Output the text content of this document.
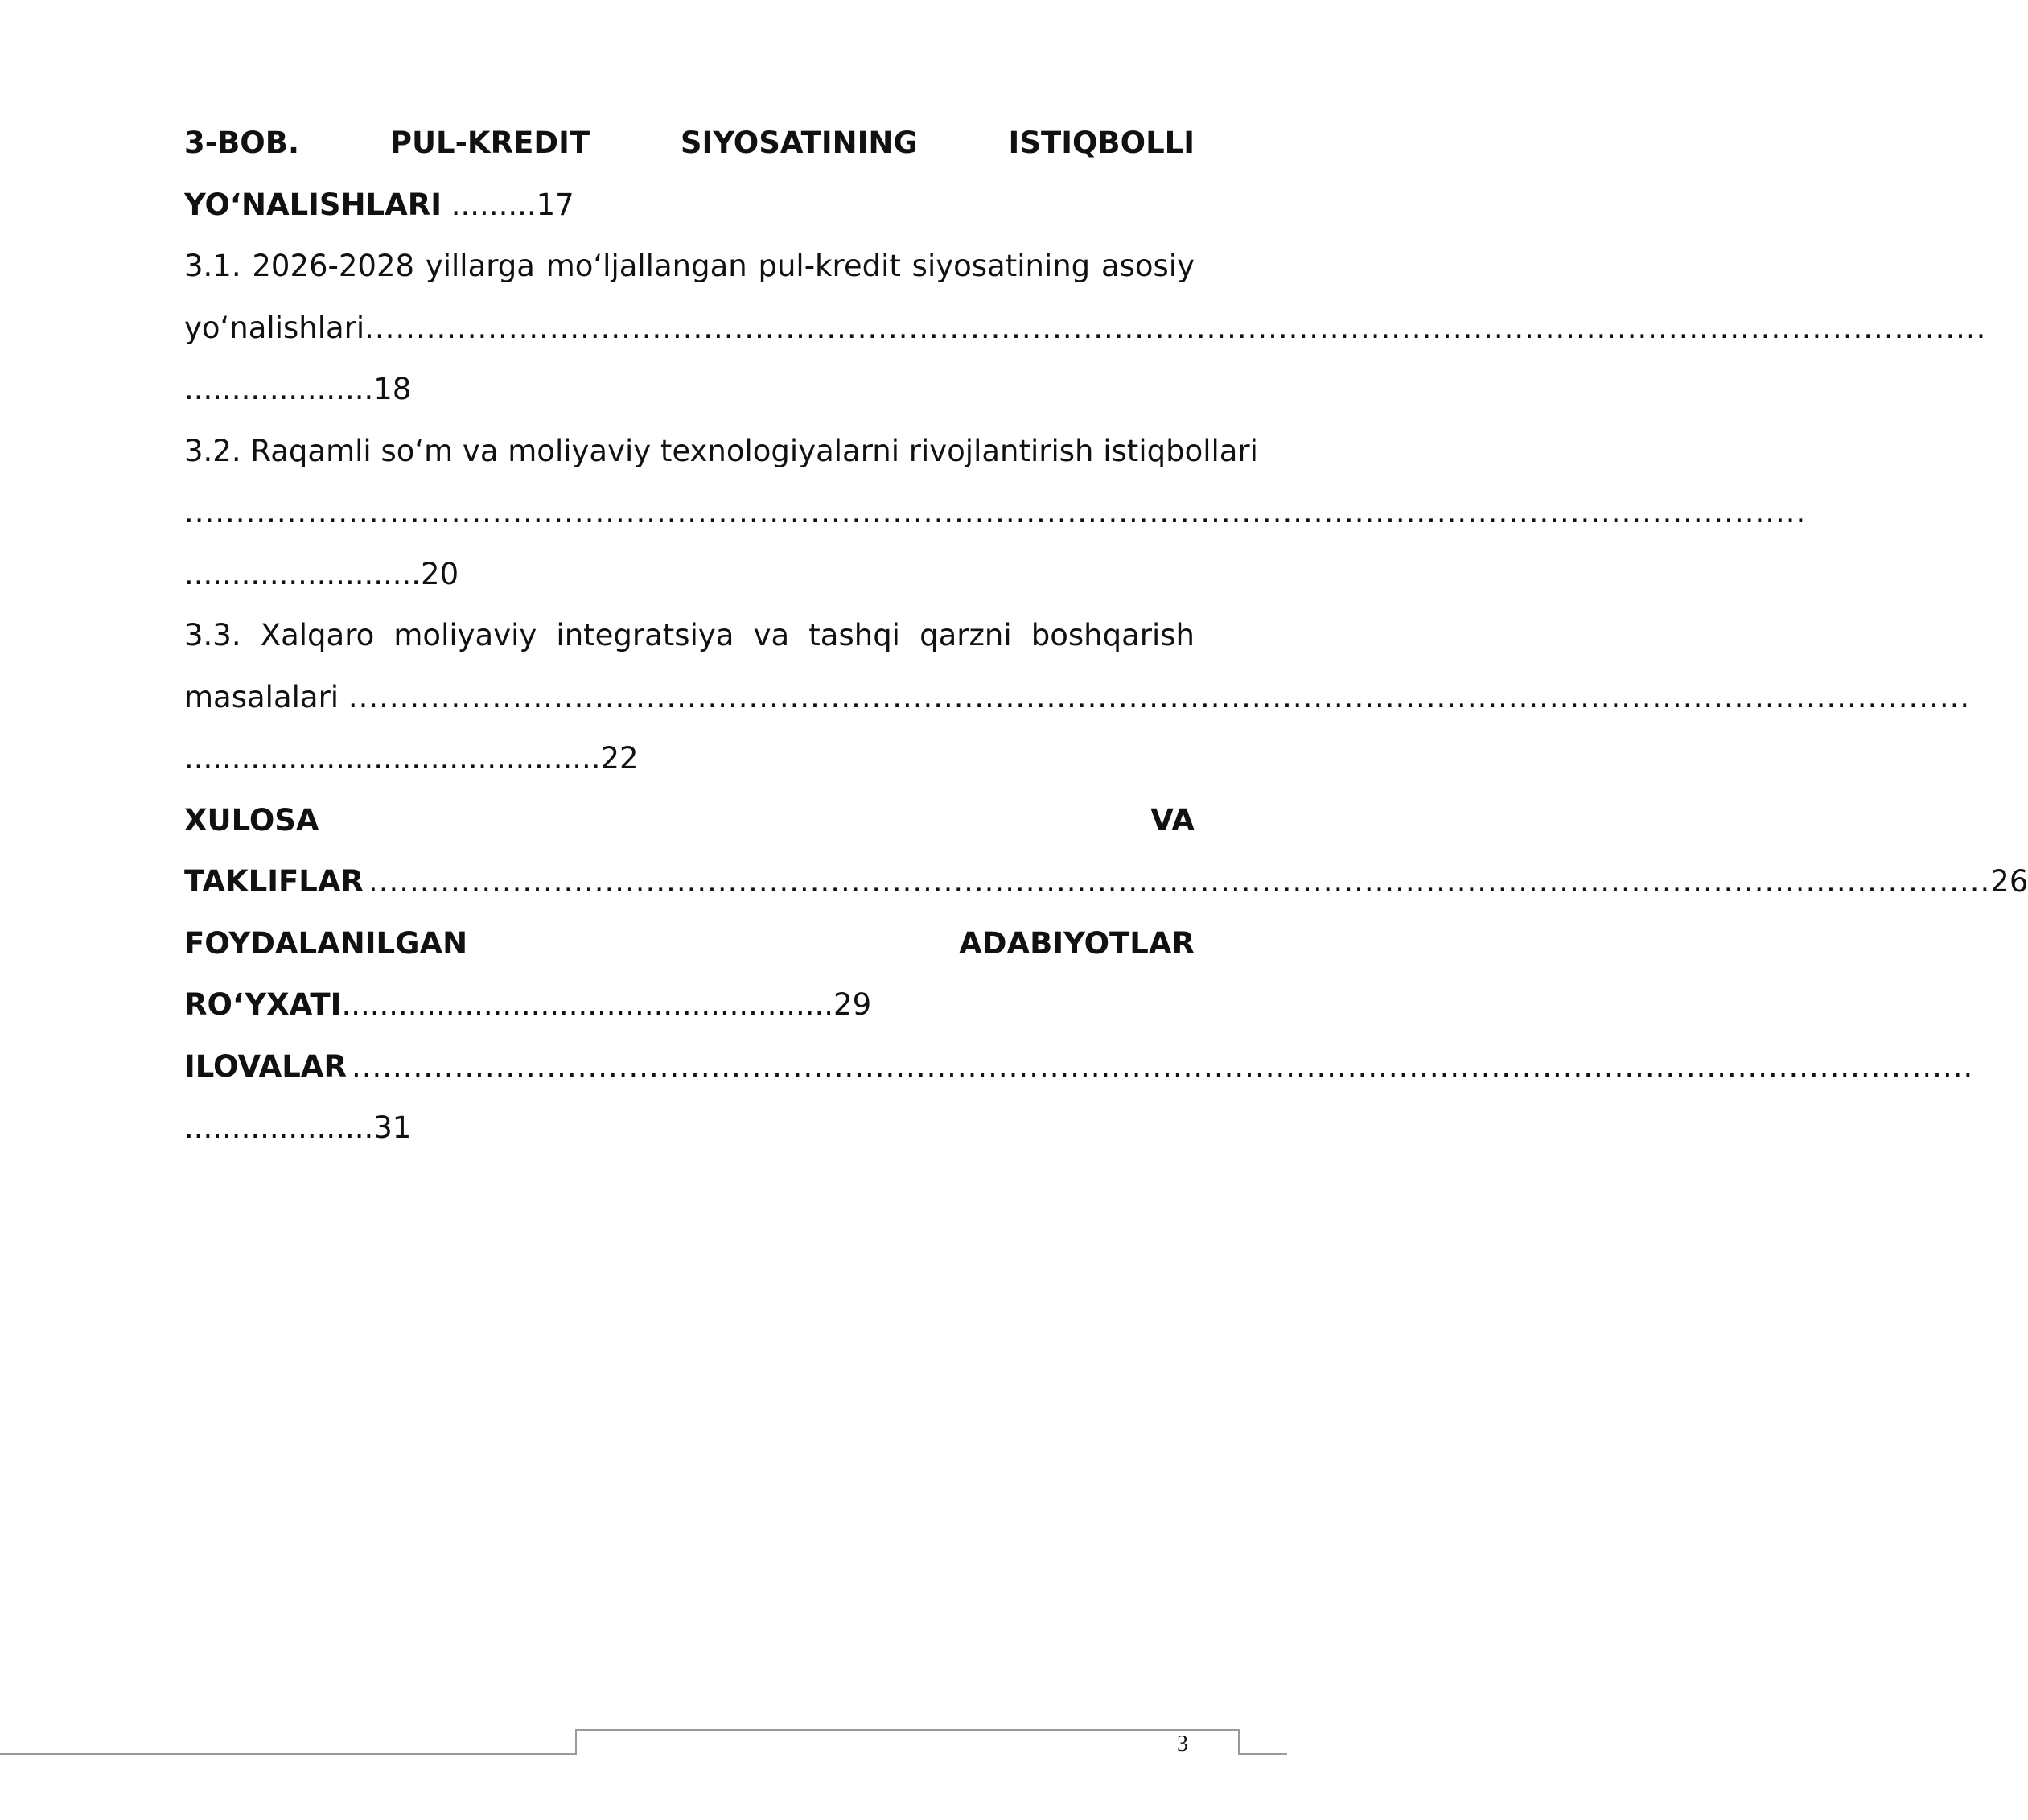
3-BOB.	PUL-KREDIT	SIYOSATINING	ISTIQBOLLI
YO‘NALISHLARI .........17
3.1. 2026-2028 yillarga mo‘ljallangan pul-kredit siyosatining asosiy
yo‘nalishlari..............................................................................................................................................................
....................18
3.2. Raqamli so‘m va moliyaviy texnologiyalarni rivojlantirish istiqbollari
..............................................................................................................................................................
.........................20
3.3. Xalqaro moliyaviy integratsiya va tashqi qarzni boshqarish
masalalari ..............................................................................................................................................................
............................................22
XULOSA	VA
TAKLIFLAR .............................................................................................................................................................. 26
FOYDALANILGAN	ADABIYOTLAR
RO‘YXATI....................................................29
ILOVALAR ..............................................................................................................................................................
....................31
3
